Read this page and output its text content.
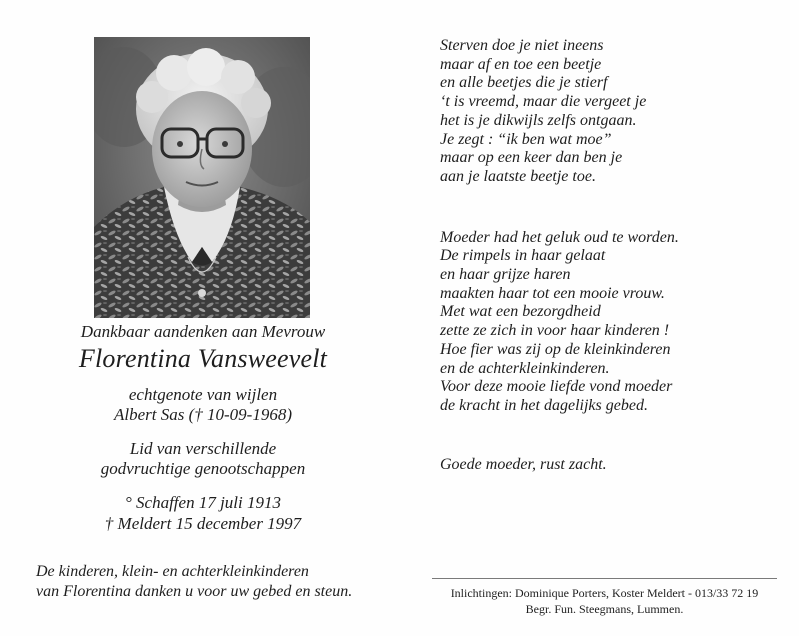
Dankbaar aandenken aan Mevrouw
Florentina Vansweevelt
echtgenote van wijlen
Albert Sas († 10-09-1968)
Lid van verschillende
godvruchtige genootschappen
° Schaffen 17 juli 1913
† Meldert 15 december 1997
De kinderen, klein- en achterkleinkinderen
van Florentina danken u voor uw gebed en steun.
Sterven doe je niet ineens
maar af en toe een beetje
en alle beetjes die je stierf
‘t is vreemd, maar die vergeet je
het is je dikwijls zelfs ontgaan.
Je zegt : “ik ben wat moe”
maar op een keer dan ben je
aan je laatste beetje toe.
Moeder had het geluk oud te worden.
De rimpels in haar gelaat
en haar grijze haren
maakten haar tot een mooie vrouw.
Met wat een bezorgdheid
zette ze zich in voor haar kinderen !
Hoe fier was zij op de kleinkinderen
en de achterkleinkinderen.
Voor deze mooie liefde vond moeder
de kracht in het dagelijks gebed.
Goede moeder, rust zacht.
Inlichtingen: Dominique Porters, Koster Meldert - 013/33 72 19
Begr. Fun. Steegmans, Lummen.
